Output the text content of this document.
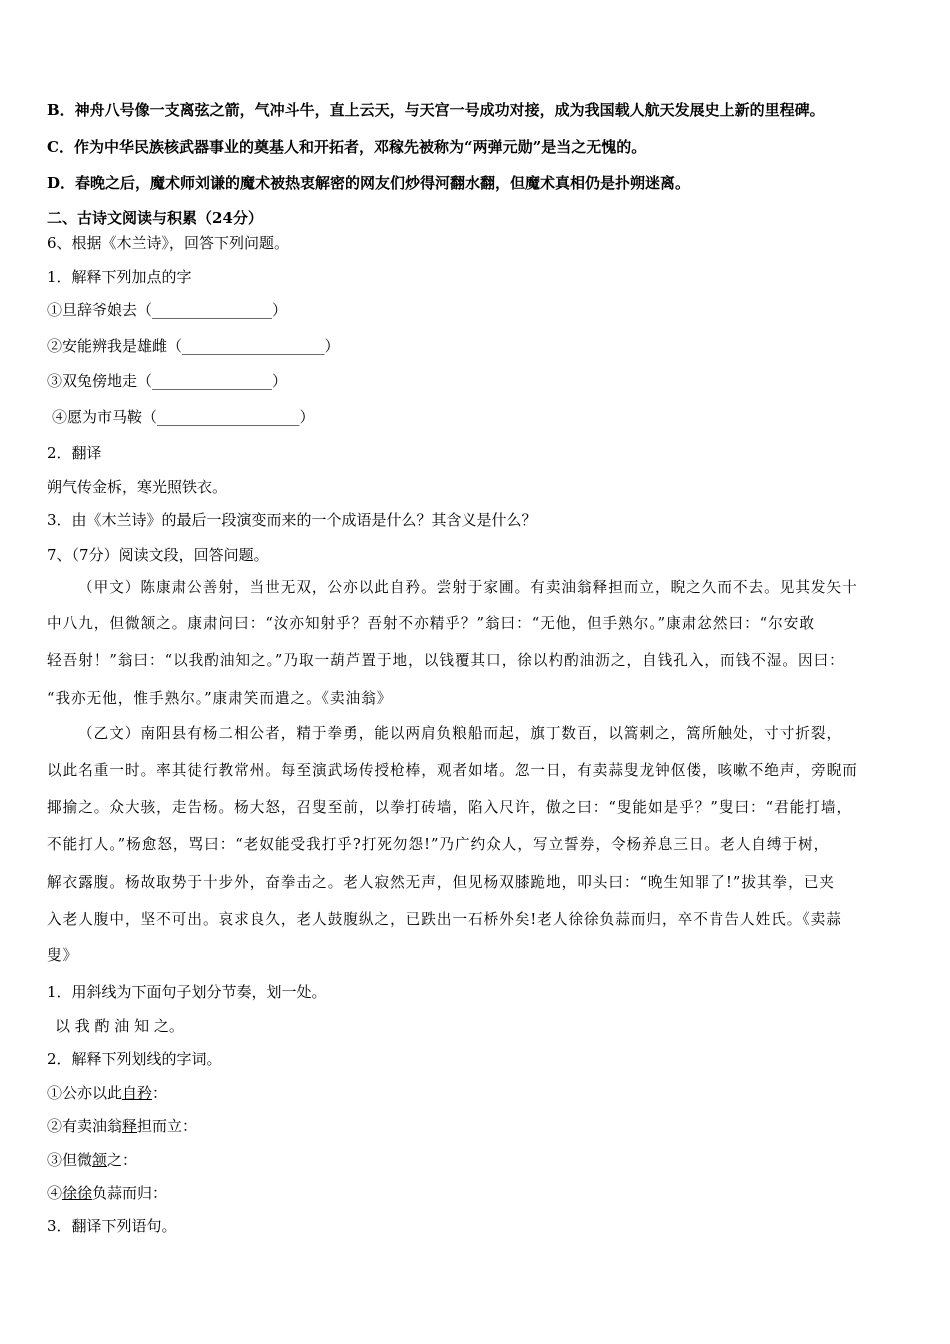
B．神舟八号像一支离弦之箭，气冲斗牛，直上云天，与天宫一号成功对接，成为我国载人航天发展史上新的里程碑。
C．作为中华民族核武器事业的奠基人和开拓者，邓稼先被称为“两弹元勋”是当之无愧的。
D．春晚之后，魔术师刘谦的魔术被热衷解密的网友们炒得河翻水翻，但魔术真相仍是扑朔迷离。
二、古诗文阅读与积累（24分）
6、根据《木兰诗》，回答下列问题。
1．解释下列加点的字
①旦辞爷娘去（________________）
②安能辨我是雄雌（___________________）
③双兔傍地走（________________）
④愿为市马鞍（___________________）
2．翻译
朔气传金柝，寒光照铁衣。
3．由《木兰诗》的最后一段演变而来的一个成语是什么？其含义是什么？
7、（7分）阅读文段，回答问题。
（甲文）陈康肃公善射，当世无双，公亦以此自矜。尝射于家圃。有卖油翁释担而立，睨之久而不去。见其发矢十
中八九，但微颔之。康肃问曰：“汝亦知射乎？吾射不亦精乎？”翁曰：“无他，但手熟尔。”康肃忿然曰：“尔安敢
轻吾射！”翁曰：“以我酌油知之。”乃取一葫芦置于地，以钱覆其口，徐以杓酌油沥之，自钱孔入，而钱不湿。因曰：
“我亦无他，惟手熟尔。”康肃笑而遣之。《卖油翁》
（乙文）南阳县有杨二相公者，精于拳勇，能以两肩负粮船而起，旗丁数百，以篙刺之，篙所触处，寸寸折裂，
以此名重一时。率其徒行教常州。每至演武场传授枪棒，观者如堵。忽一日，有卖蒜叟龙钟伛偻，咳嗽不绝声，旁睨而
揶揄之。众大骇，走告杨。杨大怒，召叟至前，以拳打砖墙，陷入尺许，傲之曰：“叟能如是乎？”叟曰：“君能打墙，
不能打人。”杨愈怒，骂曰：“老奴能受我打乎?打死勿怨!”乃广约众人，写立誓券，令杨养息三日。老人自缚于树，
解衣露腹。杨故取势于十步外，奋拳击之。老人寂然无声，但见杨双膝跪地，叩头曰：“晚生知罪了!”拔其拳，已夹
入老人腹中，坚不可出。哀求良久，老人鼓腹纵之，已跌出一石桥外矣!老人徐徐负蒜而归，卒不肯告人姓氏。《卖蒜
叟》
1．用斜线为下面句子划分节奏，划一处。
以 我 酌 油 知 之。
2．解释下列划线的字词。
①公亦以此自矜：
②有卖油翁释担而立：
③但微颔之：
④徐徐负蒜而归：
3．翻译下列语句。
